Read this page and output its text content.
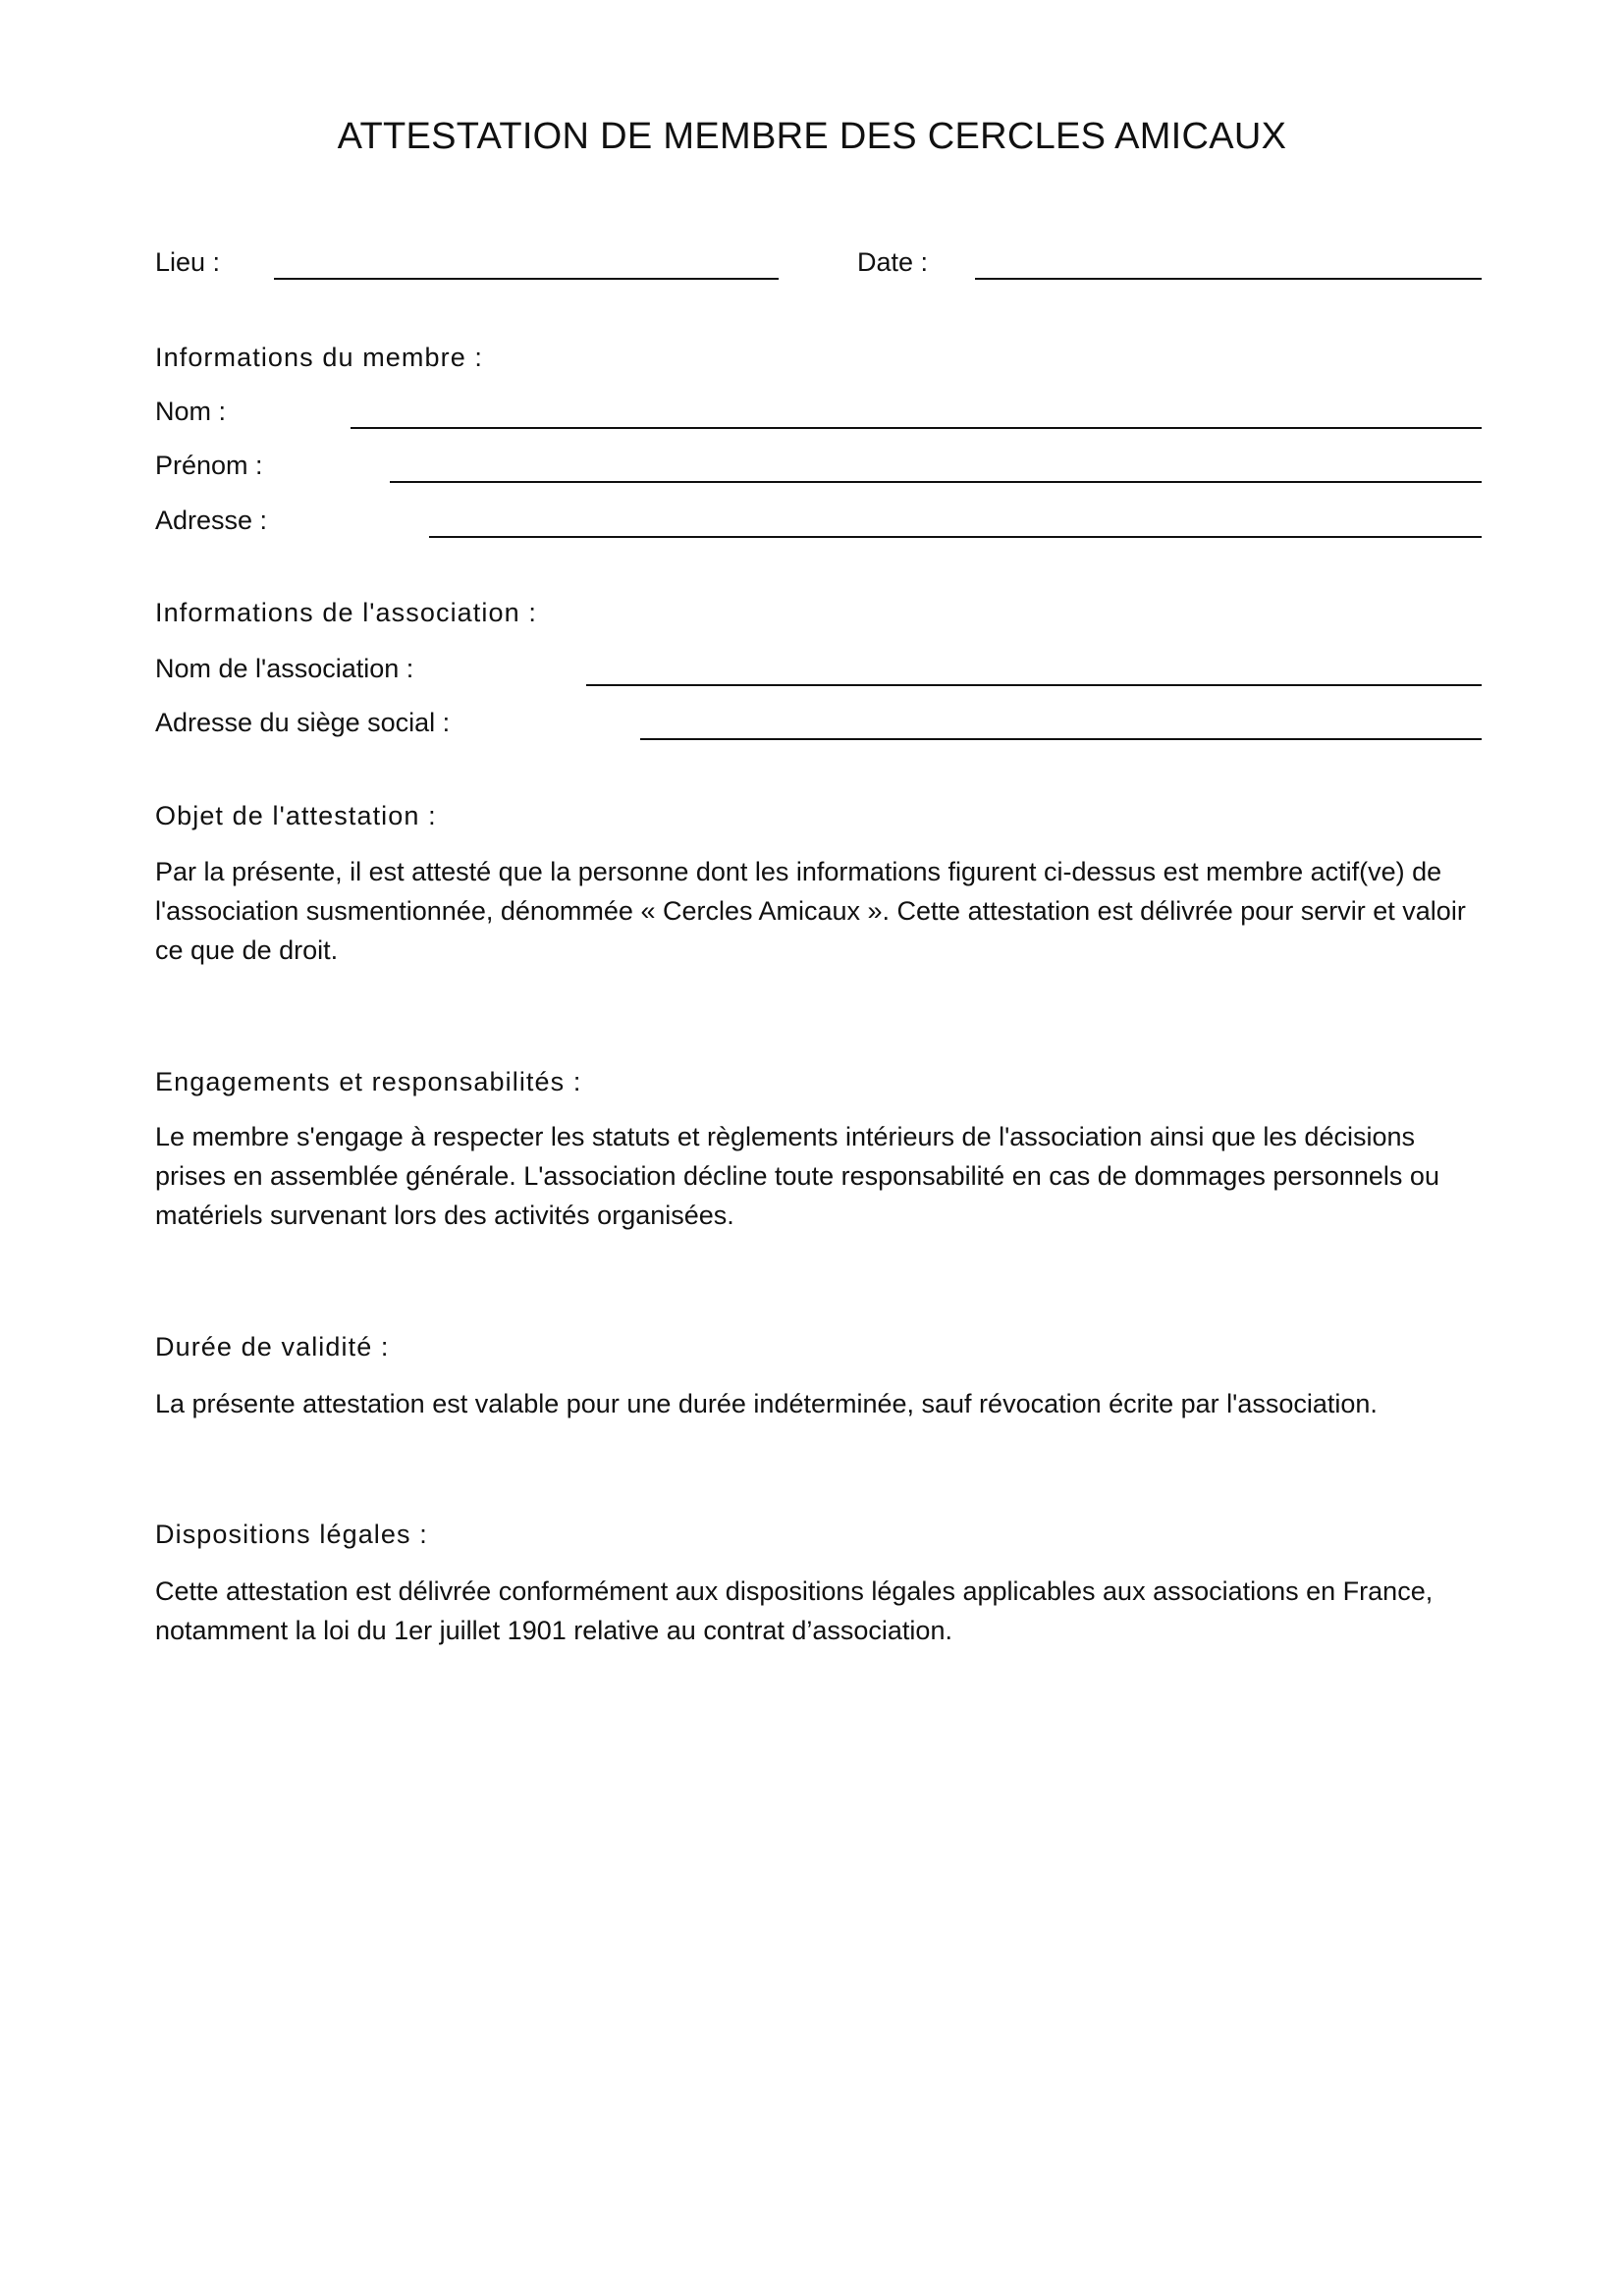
ATTESTATION DE MEMBRE DES CERCLES AMICAUX
Lieu :	Date :
Informations du membre :
Nom :
Prénom :
Adresse :
Informations de l'association :
Nom de l'association :
Adresse du siège social :
Objet de l'attestation :
Par la présente, il est attesté que la personne dont les informations figurent ci-dessus est membre actif(ve) de l'association susmentionnée, dénommée « Cercles Amicaux ». Cette attestation est délivrée pour servir et valoir ce que de droit.
Engagements et responsabilités :
Le membre s'engage à respecter les statuts et règlements intérieurs de l'association ainsi que les décisions prises en assemblée générale. L'association décline toute responsabilité en cas de dommages personnels ou matériels survenant lors des activités organisées.
Durée de validité :
La présente attestation est valable pour une durée indéterminée, sauf révocation écrite par l'association.
Dispositions légales :
Cette attestation est délivrée conformément aux dispositions légales applicables aux associations en France, notamment la loi du 1er juillet 1901 relative au contrat d’association.
